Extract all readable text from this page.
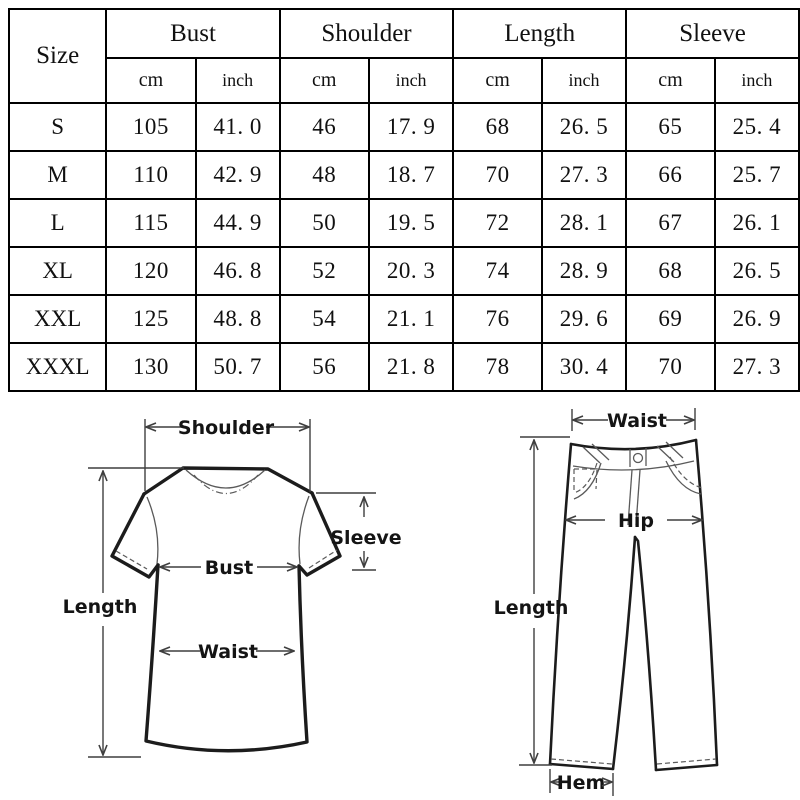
Size	Bust		Shoulder		Length		Sleeve	
	cm	inch	cm	inch	cm	inch	cm	inch
S	105	41. 0	46	17. 9	68	26. 5	65	25. 4
M	110	42. 9	48	18. 7	70	27. 3	66	25. 7
L	115	44. 9	50	19. 5	72	28. 1	67	26. 1
XL	120	46. 8	52	20. 3	74	28. 9	68	26. 5
XXL	125	48. 8	54	21. 1	76	29. 6	69	26. 9
XXXL	130	50. 7	56	21. 8	78	30. 4	70	27. 3
Shoulder
Length
Bust
Waist
Sleeve
Waist
Length
Hip
Hem
